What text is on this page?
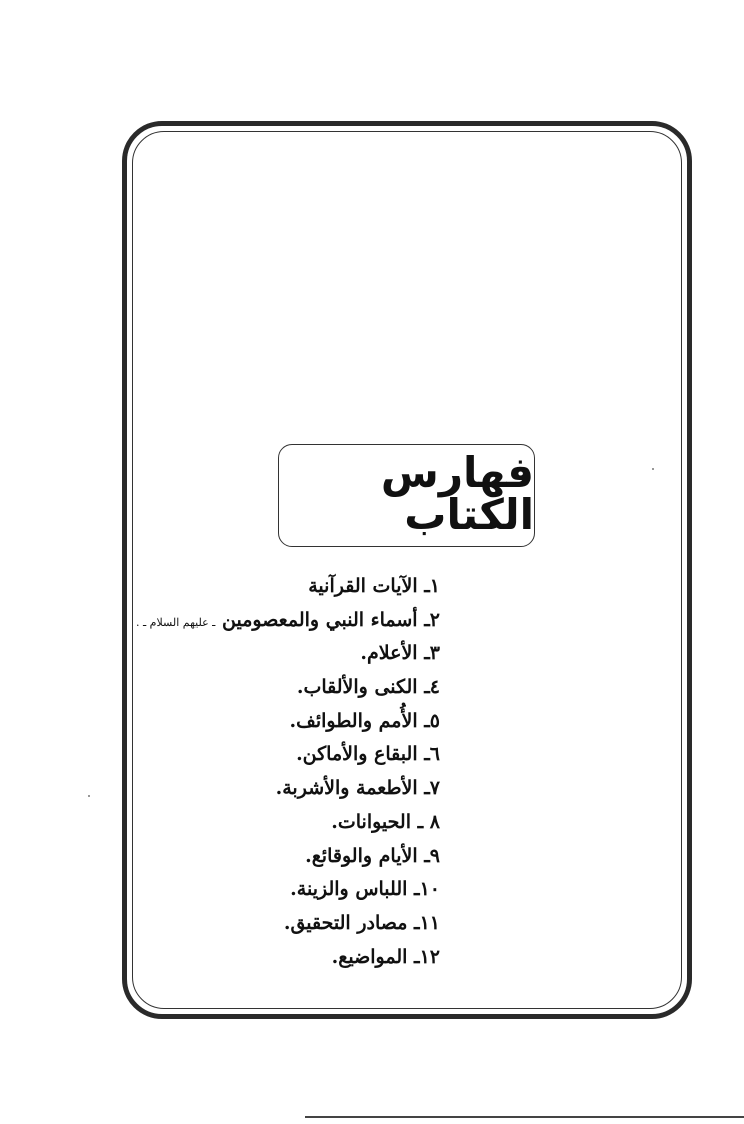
فهارس الكتاب
١ـ الآيات القرآنية
٢ـ أسماء النبي والمعصومين ـ عليهم السلام ـ .
٣ـ الأعلام.
٤ـ الكنى والألقاب.
٥ـ الأُمم والطوائف.
٦ـ البقاع والأماكن.
٧ـ الأطعمة والأشربة.
٨ ـ الحيوانات.
٩ـ الأيام والوقائع.
١٠ـ اللباس والزينة.
١١ـ مصادر التحقيق.
١٢ـ المواضيع.
